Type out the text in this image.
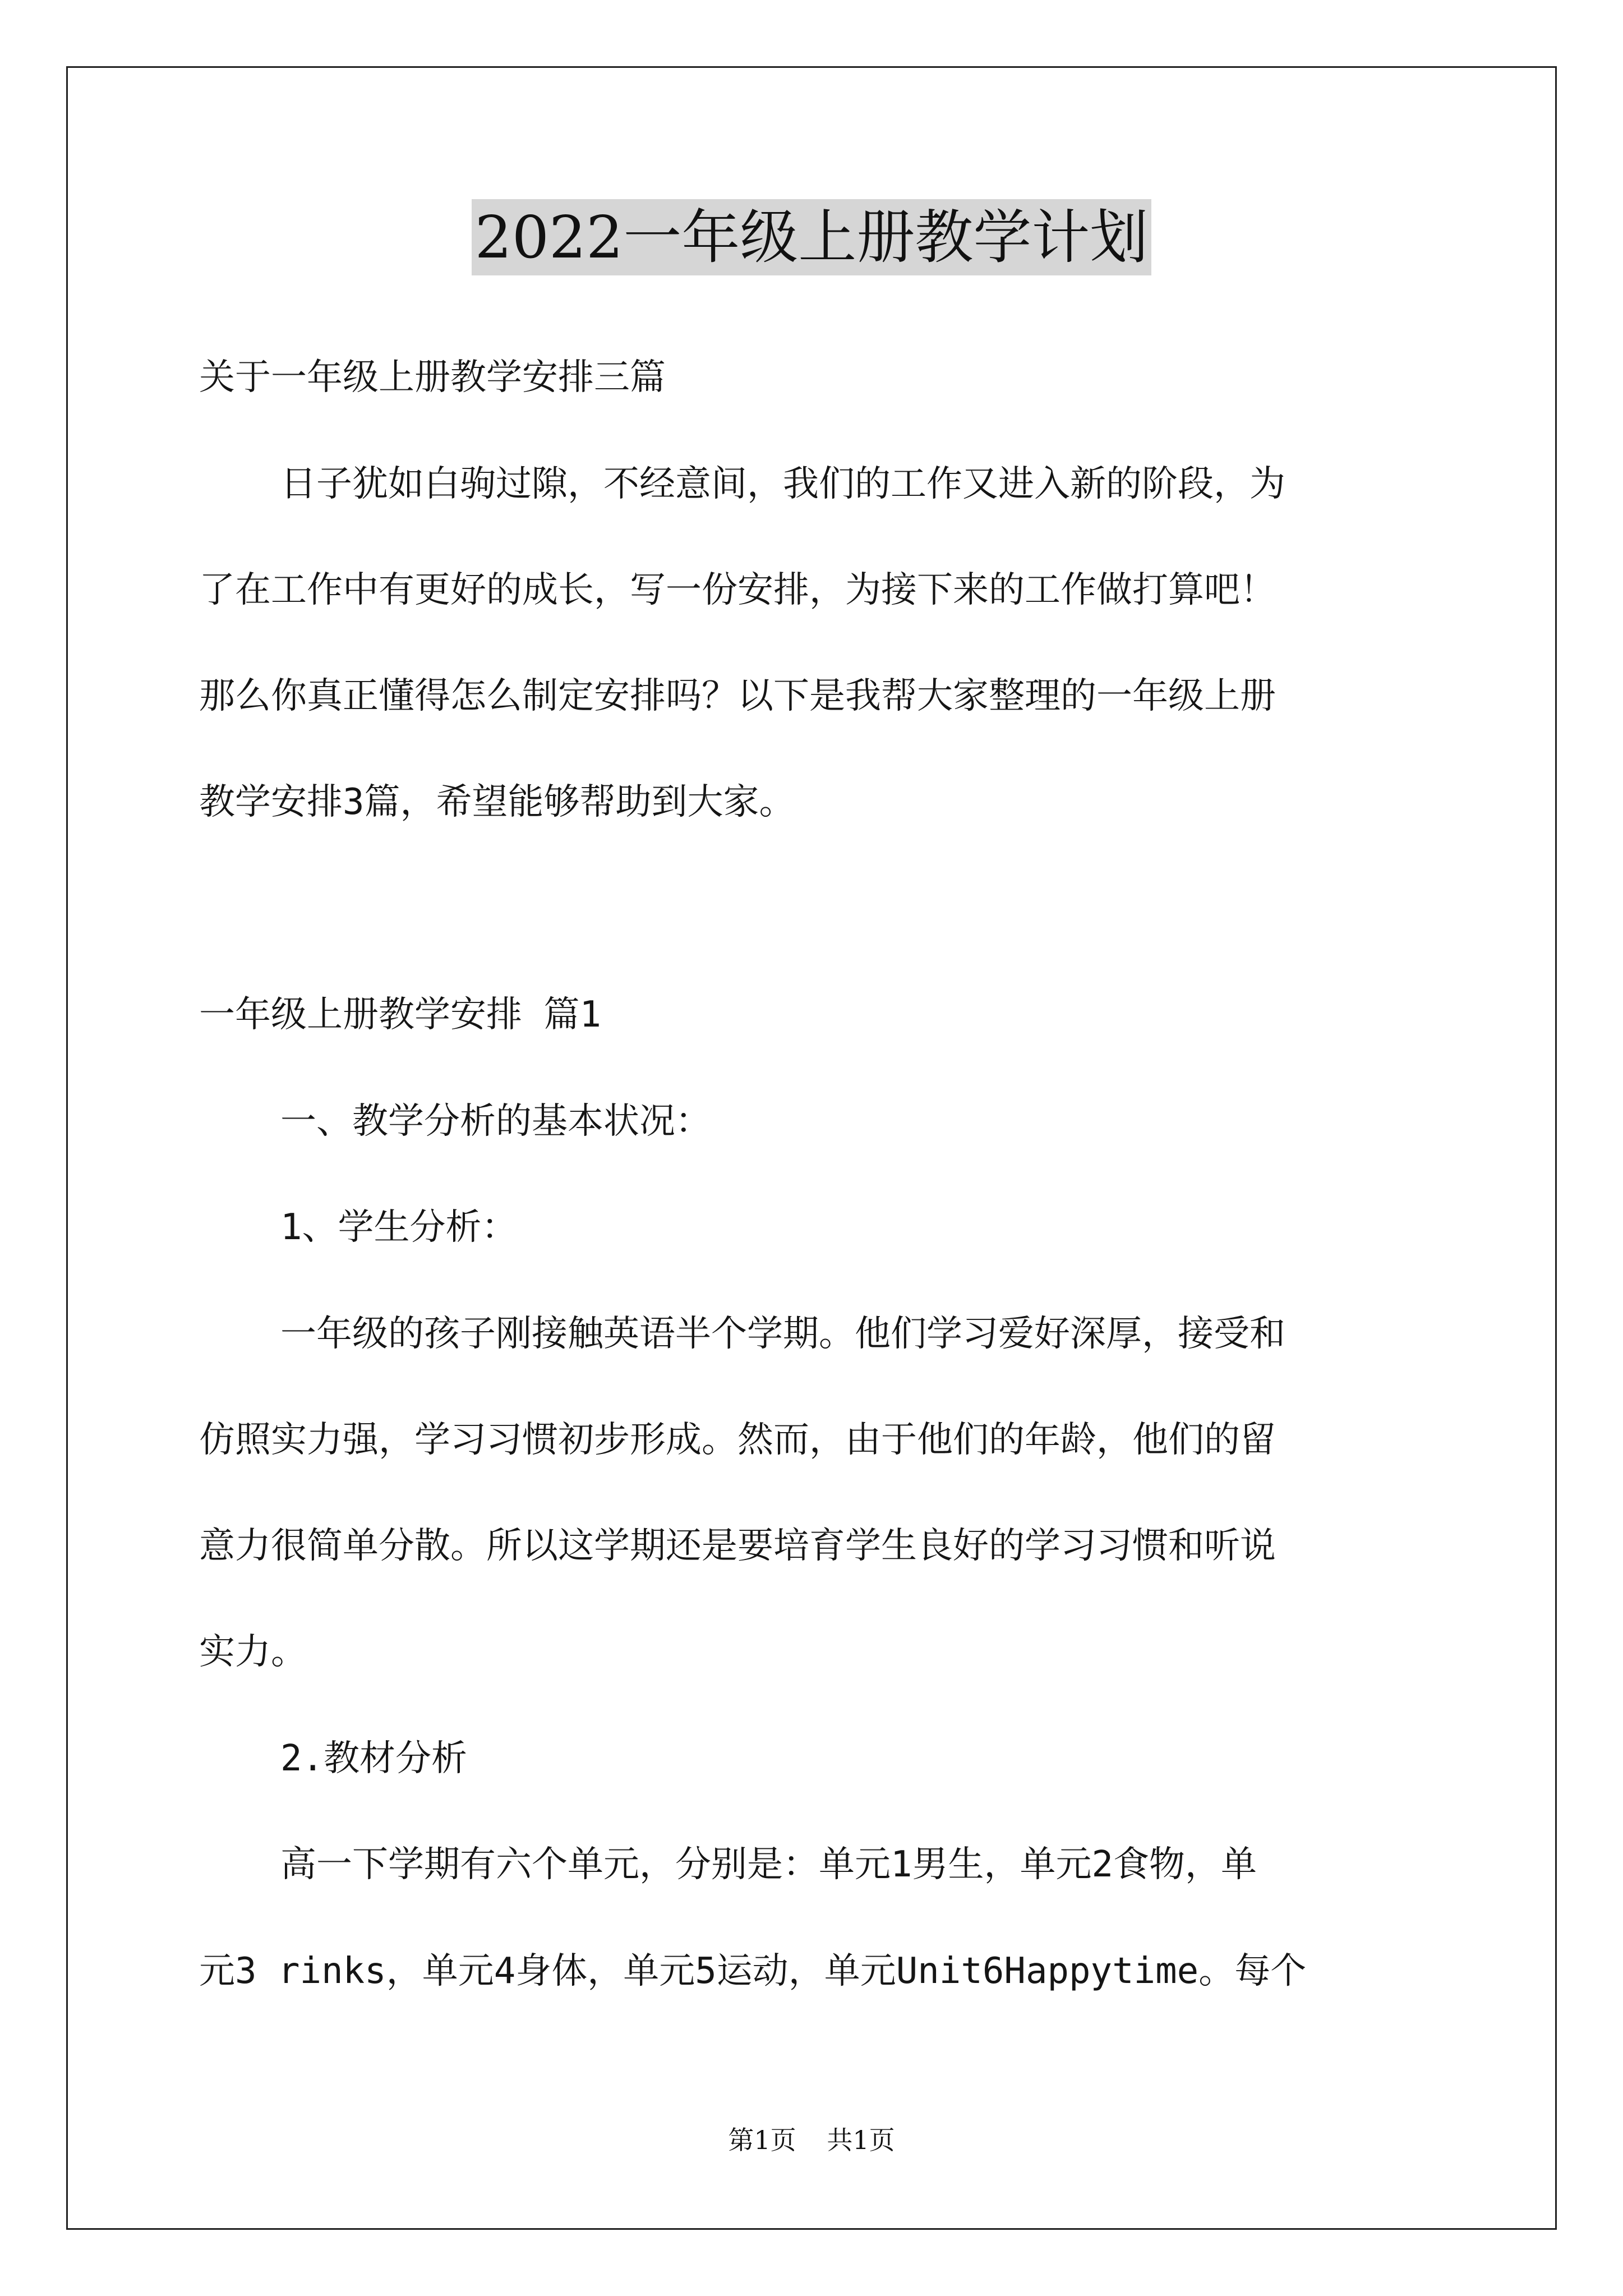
2022一年级上册教学计划
关于一年级上册教学安排三篇
日子犹如白驹过隙，不经意间，我们的工作又进入新的阶段，为
了在工作中有更好的成长，写一份安排，为接下来的工作做打算吧！
那么你真正懂得怎么制定安排吗？以下是我帮大家整理的一年级上册
教学安排3篇，希望能够帮助到大家。
一年级上册教学安排 篇1
一、教学分析的基本状况：
1、学生分析：
一年级的孩子刚接触英语半个学期。他们学习爱好深厚，接受和
仿照实力强，学习习惯初步形成。然而，由于他们的年龄，他们的留
意力很简单分散。所以这学期还是要培育学生良好的学习习惯和听说
实力。
2.教材分析
高一下学期有六个单元，分别是：单元1男生，单元2食物，单
元3 rinks，单元4身体，单元5运动，单元Unit6Happytime。每个
第1页 共1页
